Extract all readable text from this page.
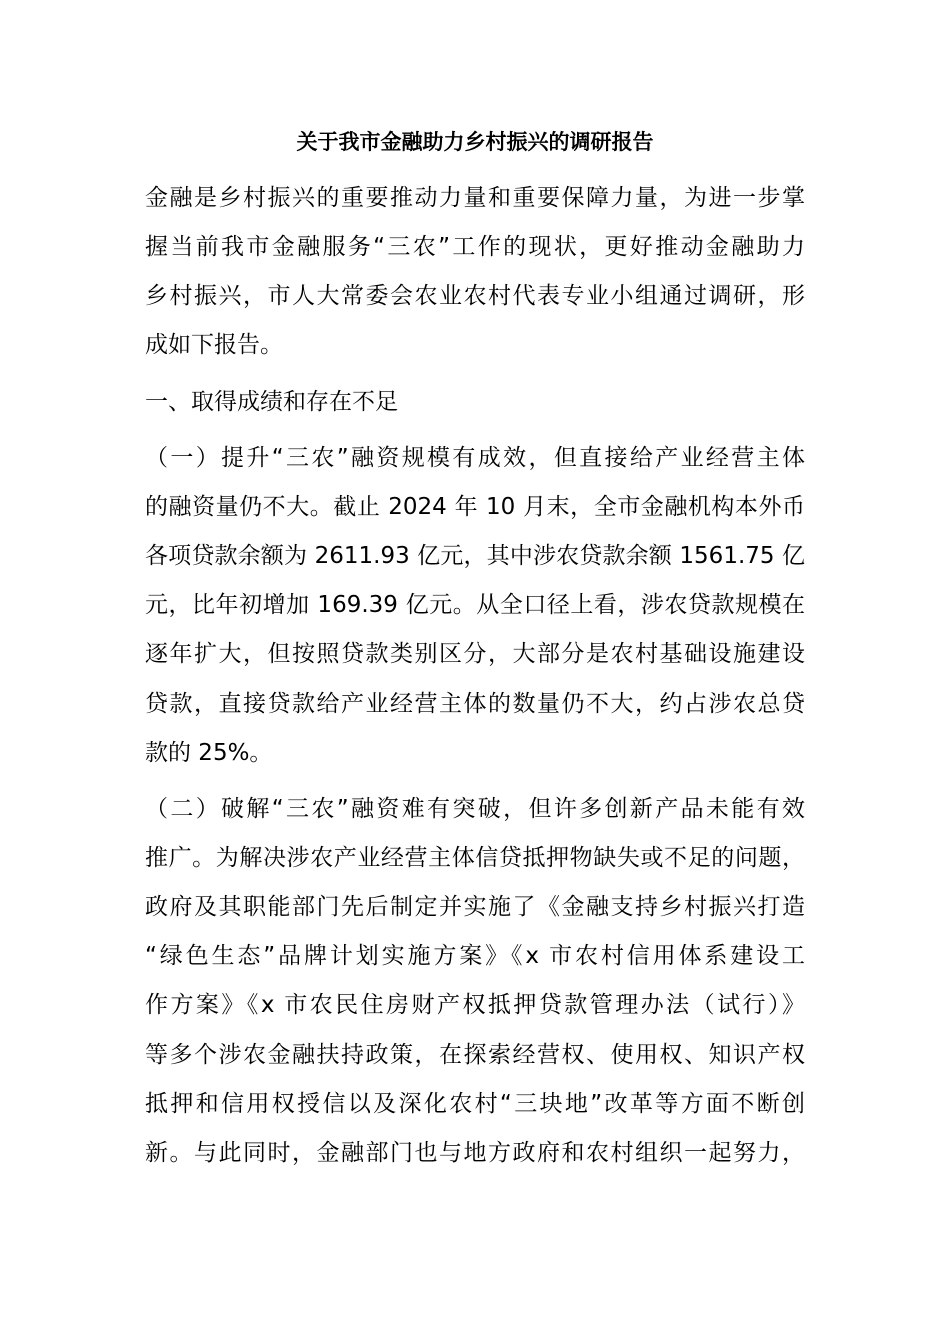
关于我市金融助力乡村振兴的调研报告
金融是乡村振兴的重要推动力量和重要保障力量，为进一步掌
握当前我市金融服务“三农”工作的现状，更好推动金融助力
乡村振兴，市人大常委会农业农村代表专业小组通过调研，形
成如下报告。
一、取得成绩和存在不足
（一）提升“三农”融资规模有成效，但直接给产业经营主体
的融资量仍不大。截止 2024 年 10 月末，全市金融机构本外币
各项贷款余额为 2611.93 亿元，其中涉农贷款余额 1561.75 亿
元，比年初增加 169.39 亿元。从全口径上看，涉农贷款规模在
逐年扩大，但按照贷款类别区分，大部分是农村基础设施建设
贷款，直接贷款给产业经营主体的数量仍不大，约占涉农总贷
款的 25%。
（二）破解“三农”融资难有突破，但许多创新产品未能有效
推广。为解决涉农产业经营主体信贷抵押物缺失或不足的问题，
政府及其职能部门先后制定并实施了《金融支持乡村振兴打造
“绿色生态”品牌计划实施方案》《x 市农村信用体系建设工
作方案》《x 市农民住房财产权抵押贷款管理办法（试行）》
等多个涉农金融扶持政策，在探索经营权、使用权、知识产权
抵押和信用权授信以及深化农村“三块地”改革等方面不断创
新。与此同时，金融部门也与地方政府和农村组织一起努力，
